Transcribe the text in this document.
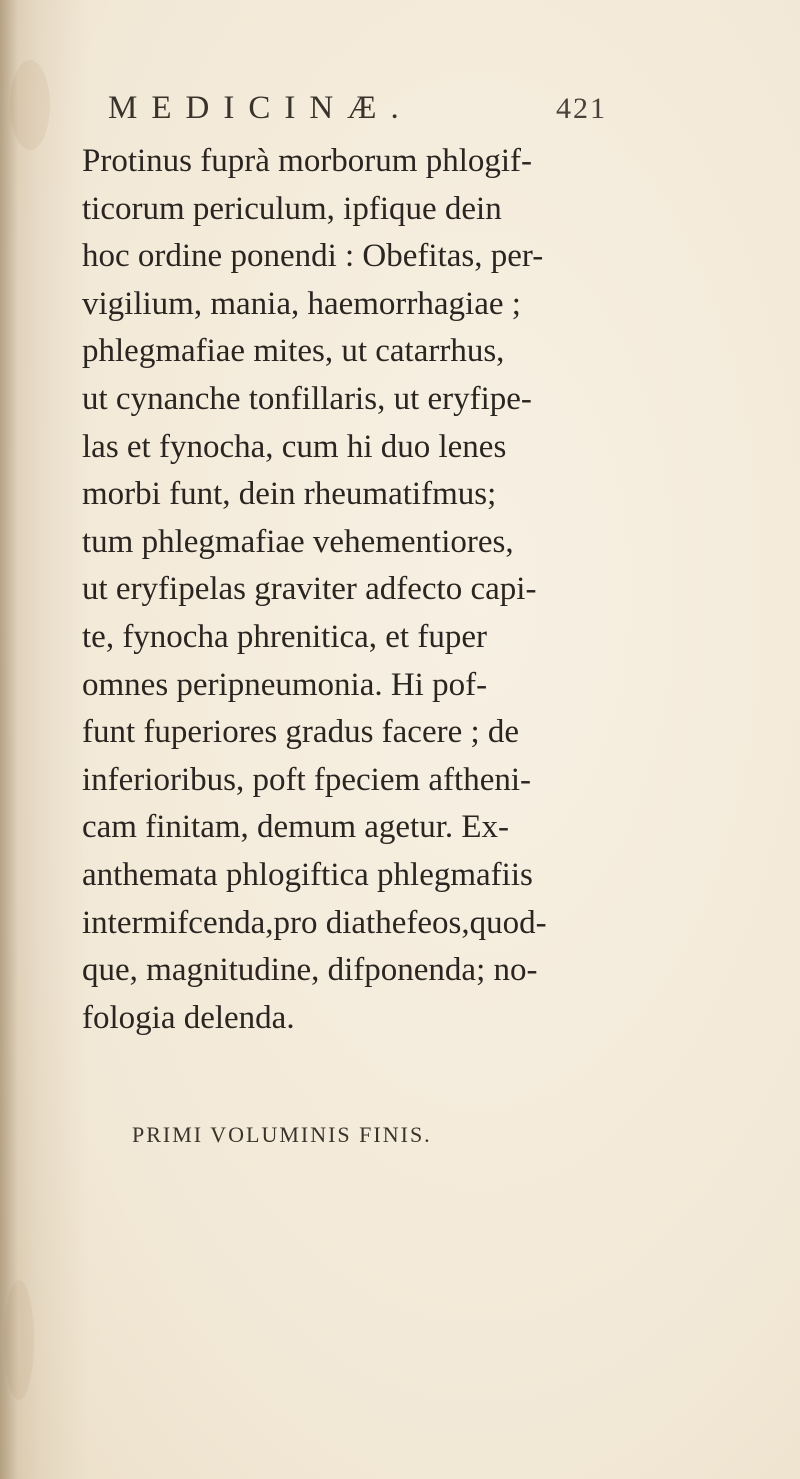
MEDICINÆ.	421
Protinus fuprà morborum phlogif-
ticorum periculum, ipfique dein
hoc ordine ponendi : Obefitas, per-
vigilium, mania, haemorrhagiae ;
phlegmafiae mites, ut catarrhus,
ut cynanche tonfillaris, ut eryfipe-
las et fynocha, cum hi duo lenes
morbi funt, dein rheumatifmus;
tum phlegmafiae vehementiores,
ut eryfipelas graviter adfecto capi-
te, fynocha phrenitica, et fuper
omnes peripneumonia. Hi pof-
funt fuperiores gradus facere ; de
inferioribus, poft fpeciem aftheni-
cam finitam, demum agetur. Ex-
anthemata phlogiftica phlegmafiis
intermifcenda,pro diathefeos,quod-
que, magnitudine, difponenda; no-
fologia delenda.
PRIMI VOLUMINIS FINIS.
